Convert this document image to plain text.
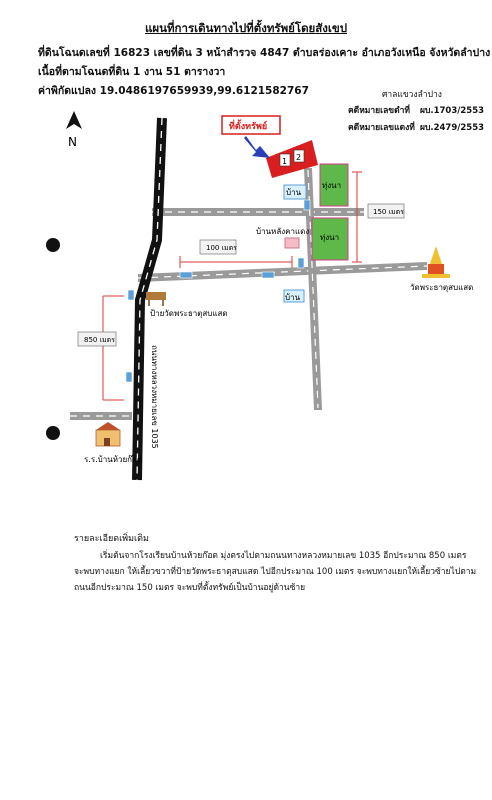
แผนที่การเดินทางไปที่ตั้งทรัพย์โดยสังเขป
ที่ดินโฉนดเลขที่ 16823 เลขที่ดิน 3 หน้าสำรวจ 4847 ตำบลร่องเคาะ อำเภอวังเหนือ จังหวัดลำปาง
เนื้อที่ตามโฉนดที่ดิน 1 งาน 51 ตารางวา
ค่าพิกัดแปลง 19.0486197659939,99.6121582767	ศาลแขวงลำปาง
คดีหมายเลขดำที่ ผบ.1703/2553
คดีหมายเลขแดงที่ ผบ.2479/2553
N
ทุ่งนา
ทุ่งนา
บ้าน
บ้าน
บ้านหลังคาแดง
1 2
ที่ตั้งทรัพย์
150 เมตร
100 เมตร
850 เมตร
ป้ายวัดพระธาตุสบแสด
วัดพระธาตุสบแสด
ถนนทางหลวงหมายเลข 1035
ร.ร.บ้านห้วยก๊อต
รายละเอียดเพิ่มเติม
เริ่มต้นจากโรงเรียนบ้านห้วยก๊อต มุ่งตรงไปตามถนนทางหลวงหมายเลข 1035 อีกประมาณ 850 เมตร
จะพบทางแยก ให้เลี้ยวขวาที่ป้ายวัดพระธาตุสบแสด ไปอีกประมาณ 100 เมตร จะพบทางแยกให้เลี้ยวซ้ายไปตาม
ถนนอีกประมาณ 150 เมตร จะพบที่ตั้งทรัพย์เป็นบ้านอยู่ด้านซ้าย
